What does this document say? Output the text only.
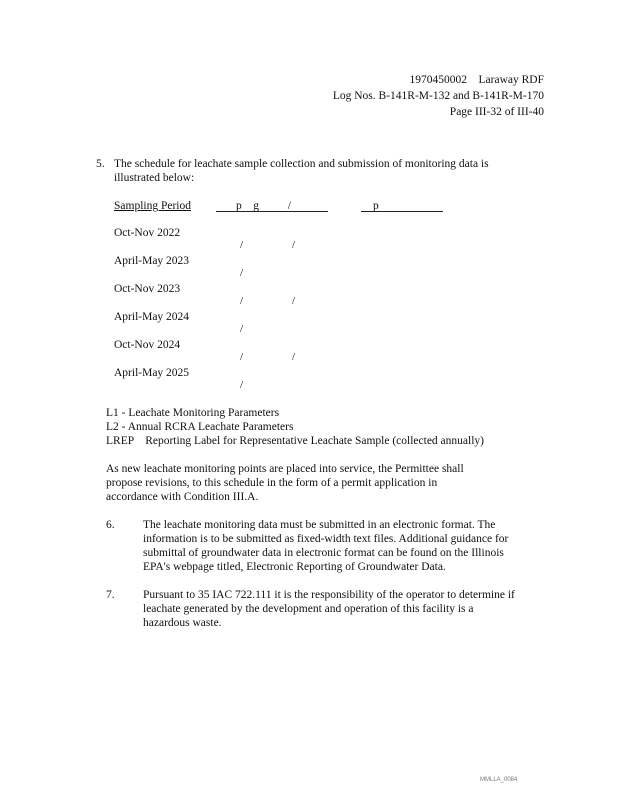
1970450002    Laraway RDF
Log Nos. B-141R-M-132 and B-141R-M-170
Page III-32 of III-40
5. The schedule for leachate sample collection and submission of monitoring data is
illustrated below:
Sampling Period	p    g          /	p
Oct-Nov 2022
/	/
April-May 2023
/
Oct-Nov 2023
/	/
April-May 2024
/
Oct-Nov 2024
/	/
April-May 2025
/
L1 - Leachate Monitoring Parameters
L2 - Annual RCRA Leachate Parameters
LREP    Reporting Label for Representative Leachate Sample (collected annually)
As new leachate monitoring points are placed into service, the Permittee shall
propose revisions, to this schedule in the form of a permit application in
accordance with Condition III.A.
6. The leachate monitoring data must be submitted in an electronic format. The
information is to be submitted as fixed-width text files. Additional guidance for
submittal of groundwater data in electronic format can be found on the Illinois
EPA's webpage titled, Electronic Reporting of Groundwater Data.
7. Pursuant to 35 IAC 722.111 it is the responsibility of the operator to determine if
leachate generated by the development and operation of this facility is a
hazardous waste.
MMLLA_0084
